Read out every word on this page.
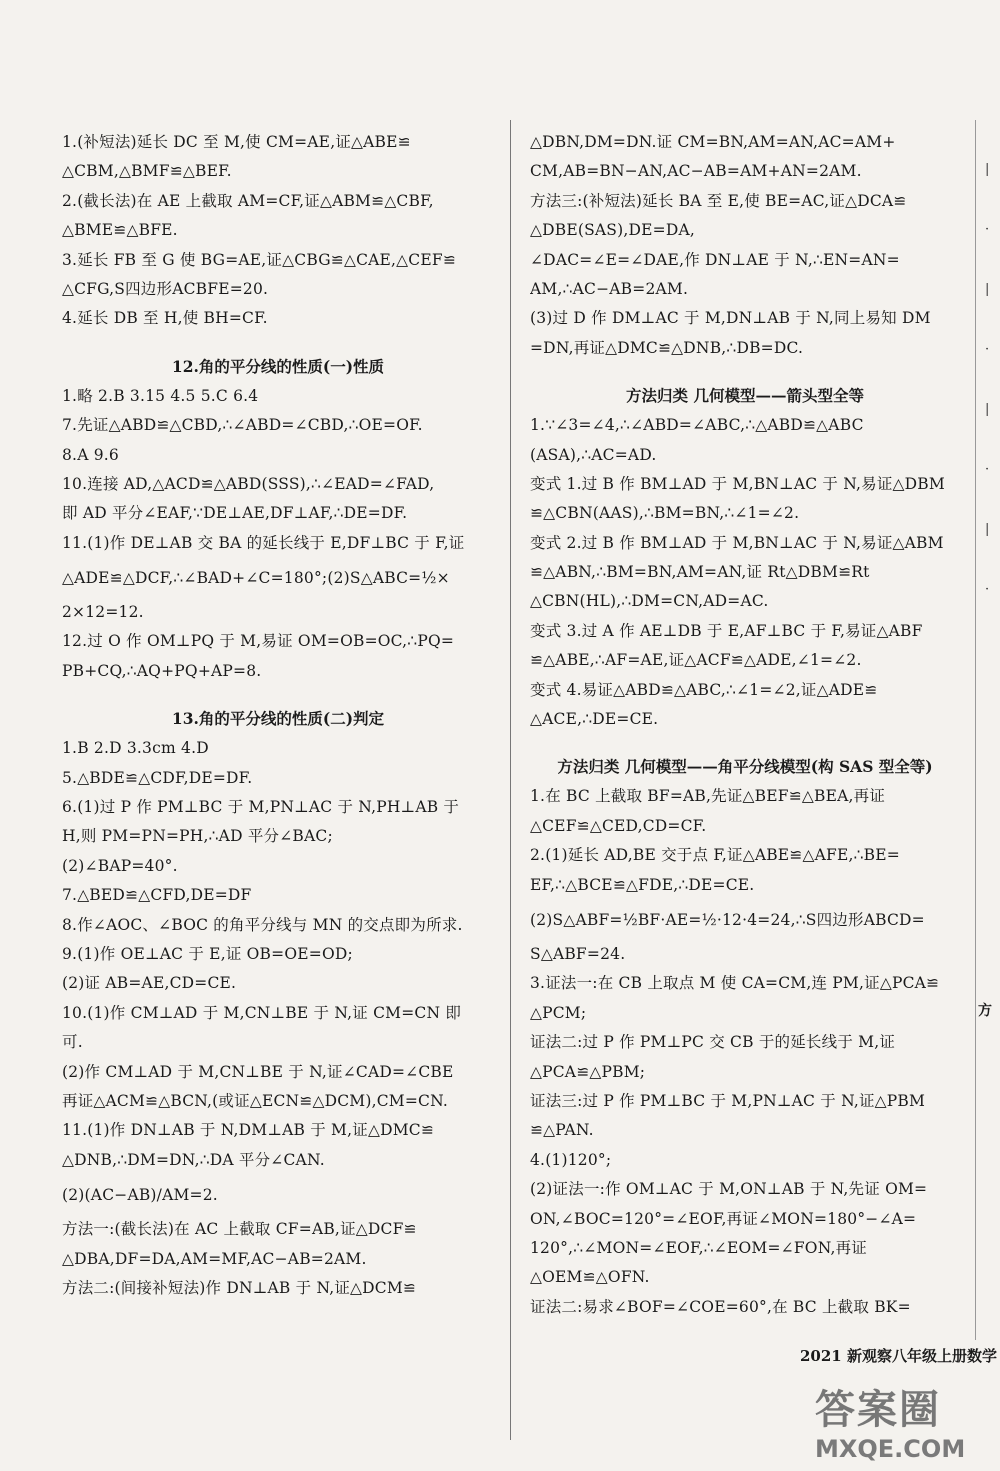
|
·
|
·
|
·
|
·
1.(补短法)延长 DC 至 M,使 CM=AE,证△ABE≌
△CBM,△BMF≌△BEF.
2.(截长法)在 AE 上截取 AM=CF,证△ABM≌△CBF,
△BME≌△BFE.
3.延长 FB 至 G 使 BG=AE,证△CBG≌△CAE,△CEF≌
△CFG,S四边形ACBFE=20.
4.延长 DB 至 H,使 BH=CF.
12.角的平分线的性质(一)性质
1.略 2.B 3.15 4.5 5.C 6.4
7.先证△ABD≌△CBD,∴∠ABD=∠CBD,∴OE=OF.
8.A 9.6
10.连接 AD,△ACD≌△ABD(SSS),∴∠EAD=∠FAD,
即 AD 平分∠EAF,∵DE⊥AE,DF⊥AF,∴DE=DF.
11.(1)作 DE⊥AB 交 BA 的延长线于 E,DF⊥BC 于 F,证
△ADE≌△DCF,∴∠BAD+∠C=180°;(2)S△ABC=½×
2×12=12.
12.过 O 作 OM⊥PQ 于 M,易证 OM=OB=OC,∴PQ=
PB+CQ,∴AQ+PQ+AP=8.
13.角的平分线的性质(二)判定
1.B 2.D 3.3cm 4.D
5.△BDE≌△CDF,DE=DF.
6.(1)过 P 作 PM⊥BC 于 M,PN⊥AC 于 N,PH⊥AB 于
H,则 PM=PN=PH,∴AD 平分∠BAC;
(2)∠BAP=40°.
7.△BED≌△CFD,DE=DF
8.作∠AOC、∠BOC 的角平分线与 MN 的交点即为所求.
9.(1)作 OE⊥AC 于 E,证 OB=OE=OD;
(2)证 AB=AE,CD=CE.
10.(1)作 CM⊥AD 于 M,CN⊥BE 于 N,证 CM=CN 即
可.
(2)作 CM⊥AD 于 M,CN⊥BE 于 N,证∠CAD=∠CBE
再证△ACM≌△BCN,(或证△ECN≌△DCM),CM=CN.
11.(1)作 DN⊥AB 于 N,DM⊥AB 于 M,证△DMC≌
△DNB,∴DM=DN,∴DA 平分∠CAN.
(2)(AC−AB)/AM=2.
方法一:(截长法)在 AC 上截取 CF=AB,证△DCF≌
△DBA,DF=DA,AM=MF,AC−AB=2AM.
方法二:(间接补短法)作 DN⊥AB 于 N,证△DCM≌
△DBN,DM=DN.证 CM=BN,AM=AN,AC=AM+
CM,AB=BN−AN,AC−AB=AM+AN=2AM.
方法三:(补短法)延长 BA 至 E,使 BE=AC,证△DCA≌
△DBE(SAS),DE=DA,
∠DAC=∠E=∠DAE,作 DN⊥AE 于 N,∴EN=AN=
AM,∴AC−AB=2AM.
(3)过 D 作 DM⊥AC 于 M,DN⊥AB 于 N,同上易知 DM
=DN,再证△DMC≌△DNB,∴DB=DC.
方法归类 几何模型——箭头型全等
1.∵∠3=∠4,∴∠ABD=∠ABC,∴△ABD≌△ABC
(ASA),∴AC=AD.
变式 1.过 B 作 BM⊥AD 于 M,BN⊥AC 于 N,易证△DBM
≌△CBN(AAS),∴BM=BN,∴∠1=∠2.
变式 2.过 B 作 BM⊥AD 于 M,BN⊥AC 于 N,易证△ABM
≌△ABN,∴BM=BN,AM=AN,证 Rt△DBM≌Rt
△CBN(HL),∴DM=CN,AD=AC.
变式 3.过 A 作 AE⊥DB 于 E,AF⊥BC 于 F,易证△ABF
≌△ABE,∴AF=AE,证△ACF≌△ADE,∠1=∠2.
变式 4.易证△ABD≌△ABC,∴∠1=∠2,证△ADE≌
△ACE,∴DE=CE.
方法归类 几何模型——角平分线模型(构 SAS 型全等)
1.在 BC 上截取 BF=AB,先证△BEF≌△BEA,再证
△CEF≌△CED,CD=CF.
2.(1)延长 AD,BE 交于点 F,证△ABE≌△AFE,∴BE=
EF,∴△BCE≌△FDE,∴DE=CE.
(2)S△ABF=½BF·AE=½·12·4=24,∴S四边形ABCD=
S△ABF=24.
3.证法一:在 CB 上取点 M 使 CA=CM,连 PM,证△PCA≌
△PCM;
证法二:过 P 作 PM⊥PC 交 CB 于的延长线于 M,证
△PCA≌△PBM;
证法三:过 P 作 PM⊥BC 于 M,PN⊥AC 于 N,证△PBM
≌△PAN.
4.(1)120°;
(2)证法一:作 OM⊥AC 于 M,ON⊥AB 于 N,先证 OM=
ON,∠BOC=120°=∠EOF,再证∠MON=180°−∠A=
120°,∴∠MON=∠EOF,∴∠EOM=∠FON,再证
△OEM≌△OFN.
证法二:易求∠BOF=∠COE=60°,在 BC 上截取 BK=
方
2021 新观察八年级上册数学
答案圈
MXQE.COM
